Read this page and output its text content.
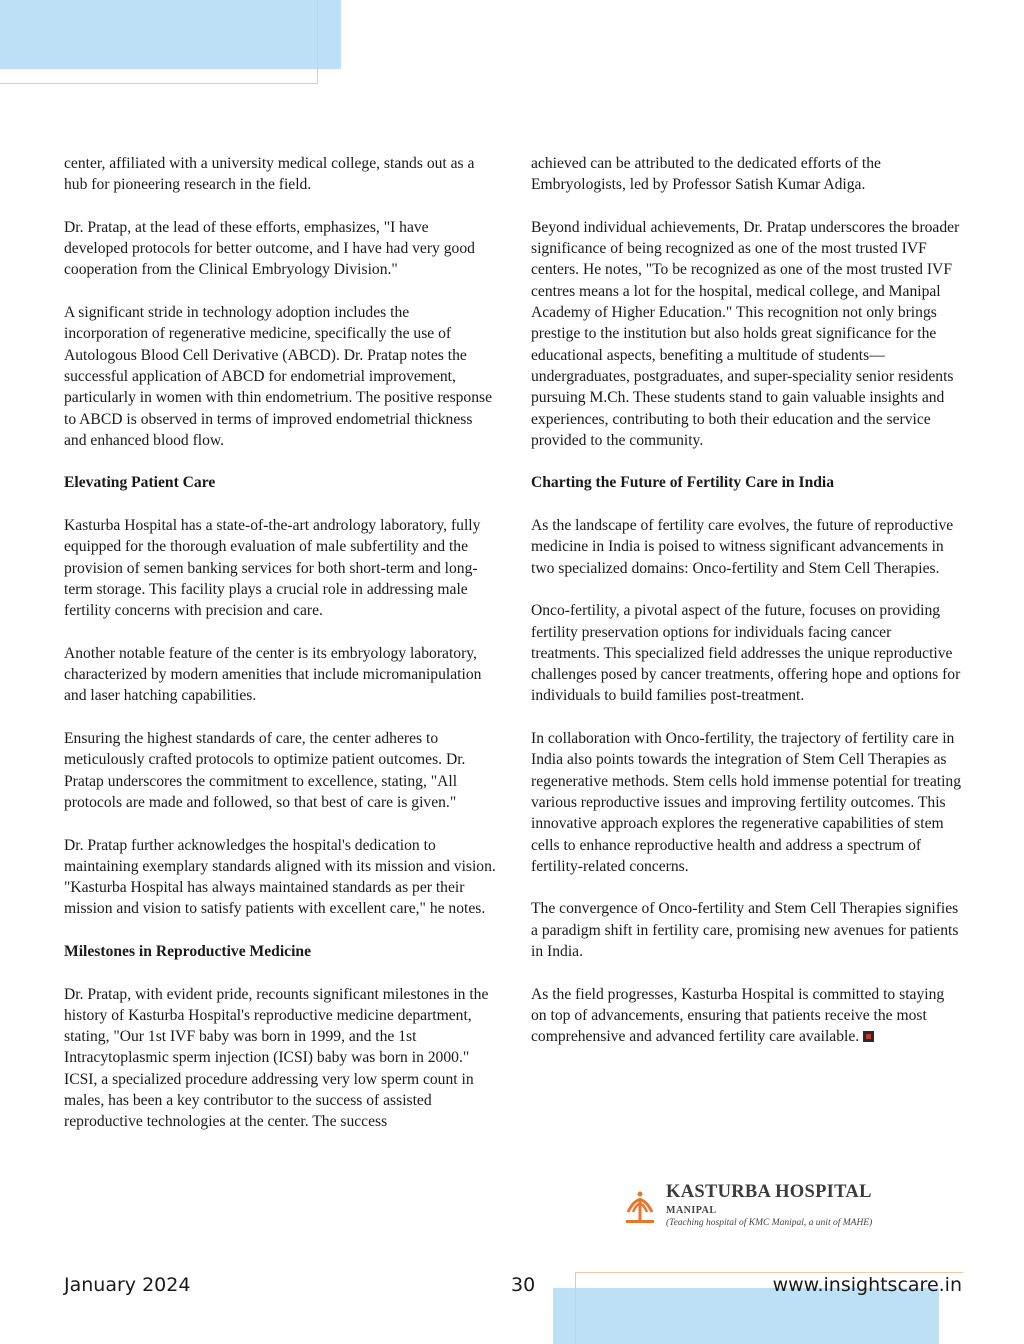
center, affiliated with a university medical college, stands out as a hub for pioneering research in the field.

Dr. Pratap, at the lead of these efforts, emphasizes, "I have developed protocols for better outcome, and I have had very good cooperation from the Clinical Embryology Division."

A significant stride in technology adoption includes the incorporation of regenerative medicine, specifically the use of Autologous Blood Cell Derivative (ABCD). Dr. Pratap notes the successful application of ABCD for endometrial improvement, particularly in women with thin endometrium. The positive response to ABCD is observed in terms of improved endometrial thickness and enhanced blood flow.

Elevating Patient Care

Kasturba Hospital has a state-of-the-art andrology laboratory, fully equipped for the thorough evaluation of male subfertility and the provision of semen banking services for both short-term and long-term storage. This facility plays a crucial role in addressing male fertility concerns with precision and care.

Another notable feature of the center is its embryology laboratory, characterized by modern amenities that include micromanipulation and laser hatching capabilities.

Ensuring the highest standards of care, the center adheres to meticulously crafted protocols to optimize patient outcomes. Dr. Pratap underscores the commitment to excellence, stating, "All protocols are made and followed, so that best of care is given."

Dr. Pratap further acknowledges the hospital's dedication to maintaining exemplary standards aligned with its mission and vision. "Kasturba Hospital has always maintained standards as per their mission and vision to satisfy patients with excellent care," he notes.

Milestones in Reproductive Medicine

Dr. Pratap, with evident pride, recounts significant milestones in the history of Kasturba Hospital's reproductive medicine department, stating, "Our 1st IVF baby was born in 1999, and the 1st Intracytoplasmic sperm injection (ICSI) baby was born in 2000." ICSI, a specialized procedure addressing very low sperm count in males, has been a key contributor to the success of assisted reproductive technologies at the center. The success

achieved can be attributed to the dedicated efforts of the Embryologists, led by Professor Satish Kumar Adiga.

Beyond individual achievements, Dr. Pratap underscores the broader significance of being recognized as one of the most trusted IVF centers. He notes, "To be recognized as one of the most trusted IVF centres means a lot for the hospital, medical college, and Manipal Academy of Higher Education." This recognition not only brings prestige to the institution but also holds great significance for the educational aspects, benefiting a multitude of students—undergraduates, postgraduates, and super-speciality senior residents pursuing M.Ch. These students stand to gain valuable insights and experiences, contributing to both their education and the service provided to the community.

Charting the Future of Fertility Care in India

As the landscape of fertility care evolves, the future of reproductive medicine in India is poised to witness significant advancements in two specialized domains: Onco-fertility and Stem Cell Therapies.

Onco-fertility, a pivotal aspect of the future, focuses on providing fertility preservation options for individuals facing cancer treatments. This specialized field addresses the unique reproductive challenges posed by cancer treatments, offering hope and options for individuals to build families post-treatment.

In collaboration with Onco-fertility, the trajectory of fertility care in India also points towards the integration of Stem Cell Therapies as regenerative methods. Stem cells hold immense potential for treating various reproductive issues and improving fertility outcomes. This innovative approach explores the regenerative capabilities of stem cells to enhance reproductive health and address a spectrum of fertility-related concerns.

The convergence of Onco-fertility and Stem Cell Therapies signifies a paradigm shift in fertility care, promising new avenues for patients in India.

As the field progresses, Kasturba Hospital is committed to staying on top of advancements, ensuring that patients receive the most comprehensive and advanced fertility care available.

KASTURBA HOSPITAL
MANIPAL
(Teaching hospital of KMC Manipal, a unit of MAHE)
January 2024	30	www.insightscare.in
